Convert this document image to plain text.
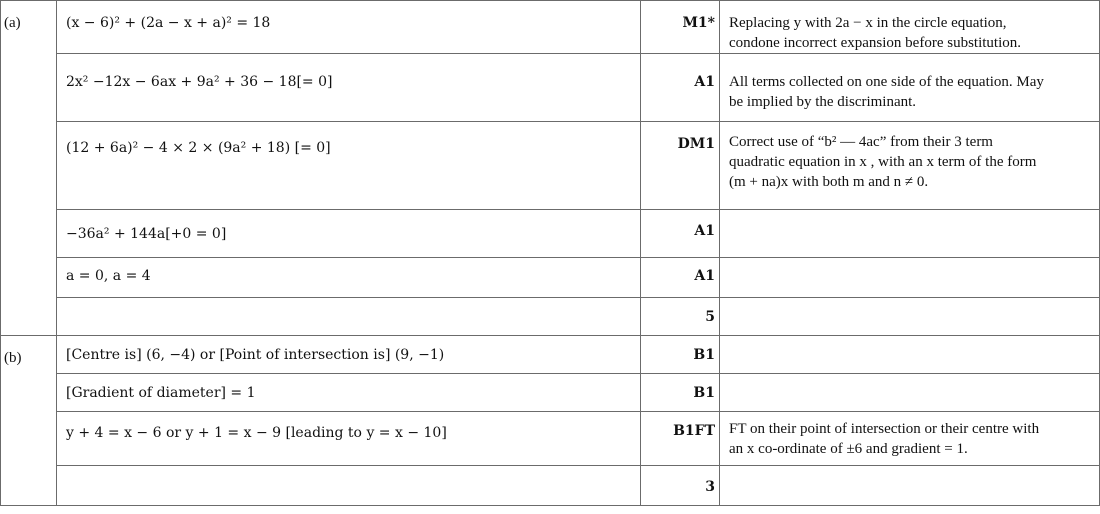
(a)	(x − 6)² + (2a − x + a)² = 18	M1*	Replacing y with 2a − x in the circle equation,
condone incorrect expansion before substitution.

	2x² −12x − 6ax + 9a² + 36 − 18[= 0]	A1	All terms collected on one side of the equation. May
be implied by the discriminant.

	(12 + 6a)² − 4 × 2 × (9a² + 18) [= 0]	DM1	Correct use of “b² — 4ac” from their 3 term
quadratic equation in x , with an x term of the form
(m + na)x with both m and n ≠ 0.

	−36a² + 144a[+0 = 0]	A1	
	a = 0, a = 4	A1	
		5	
(b)	[Centre is] (6, −4) or [Point of intersection is] (9, −1)	B1	
	[Gradient of diameter] = 1	B1	
	y + 4 = x − 6 or y + 1 = x − 9 [leading to y = x − 10]	B1FT	FT on their point of intersection or their centre with
an x co-ordinate of ±6 and gradient = 1.

		3	
